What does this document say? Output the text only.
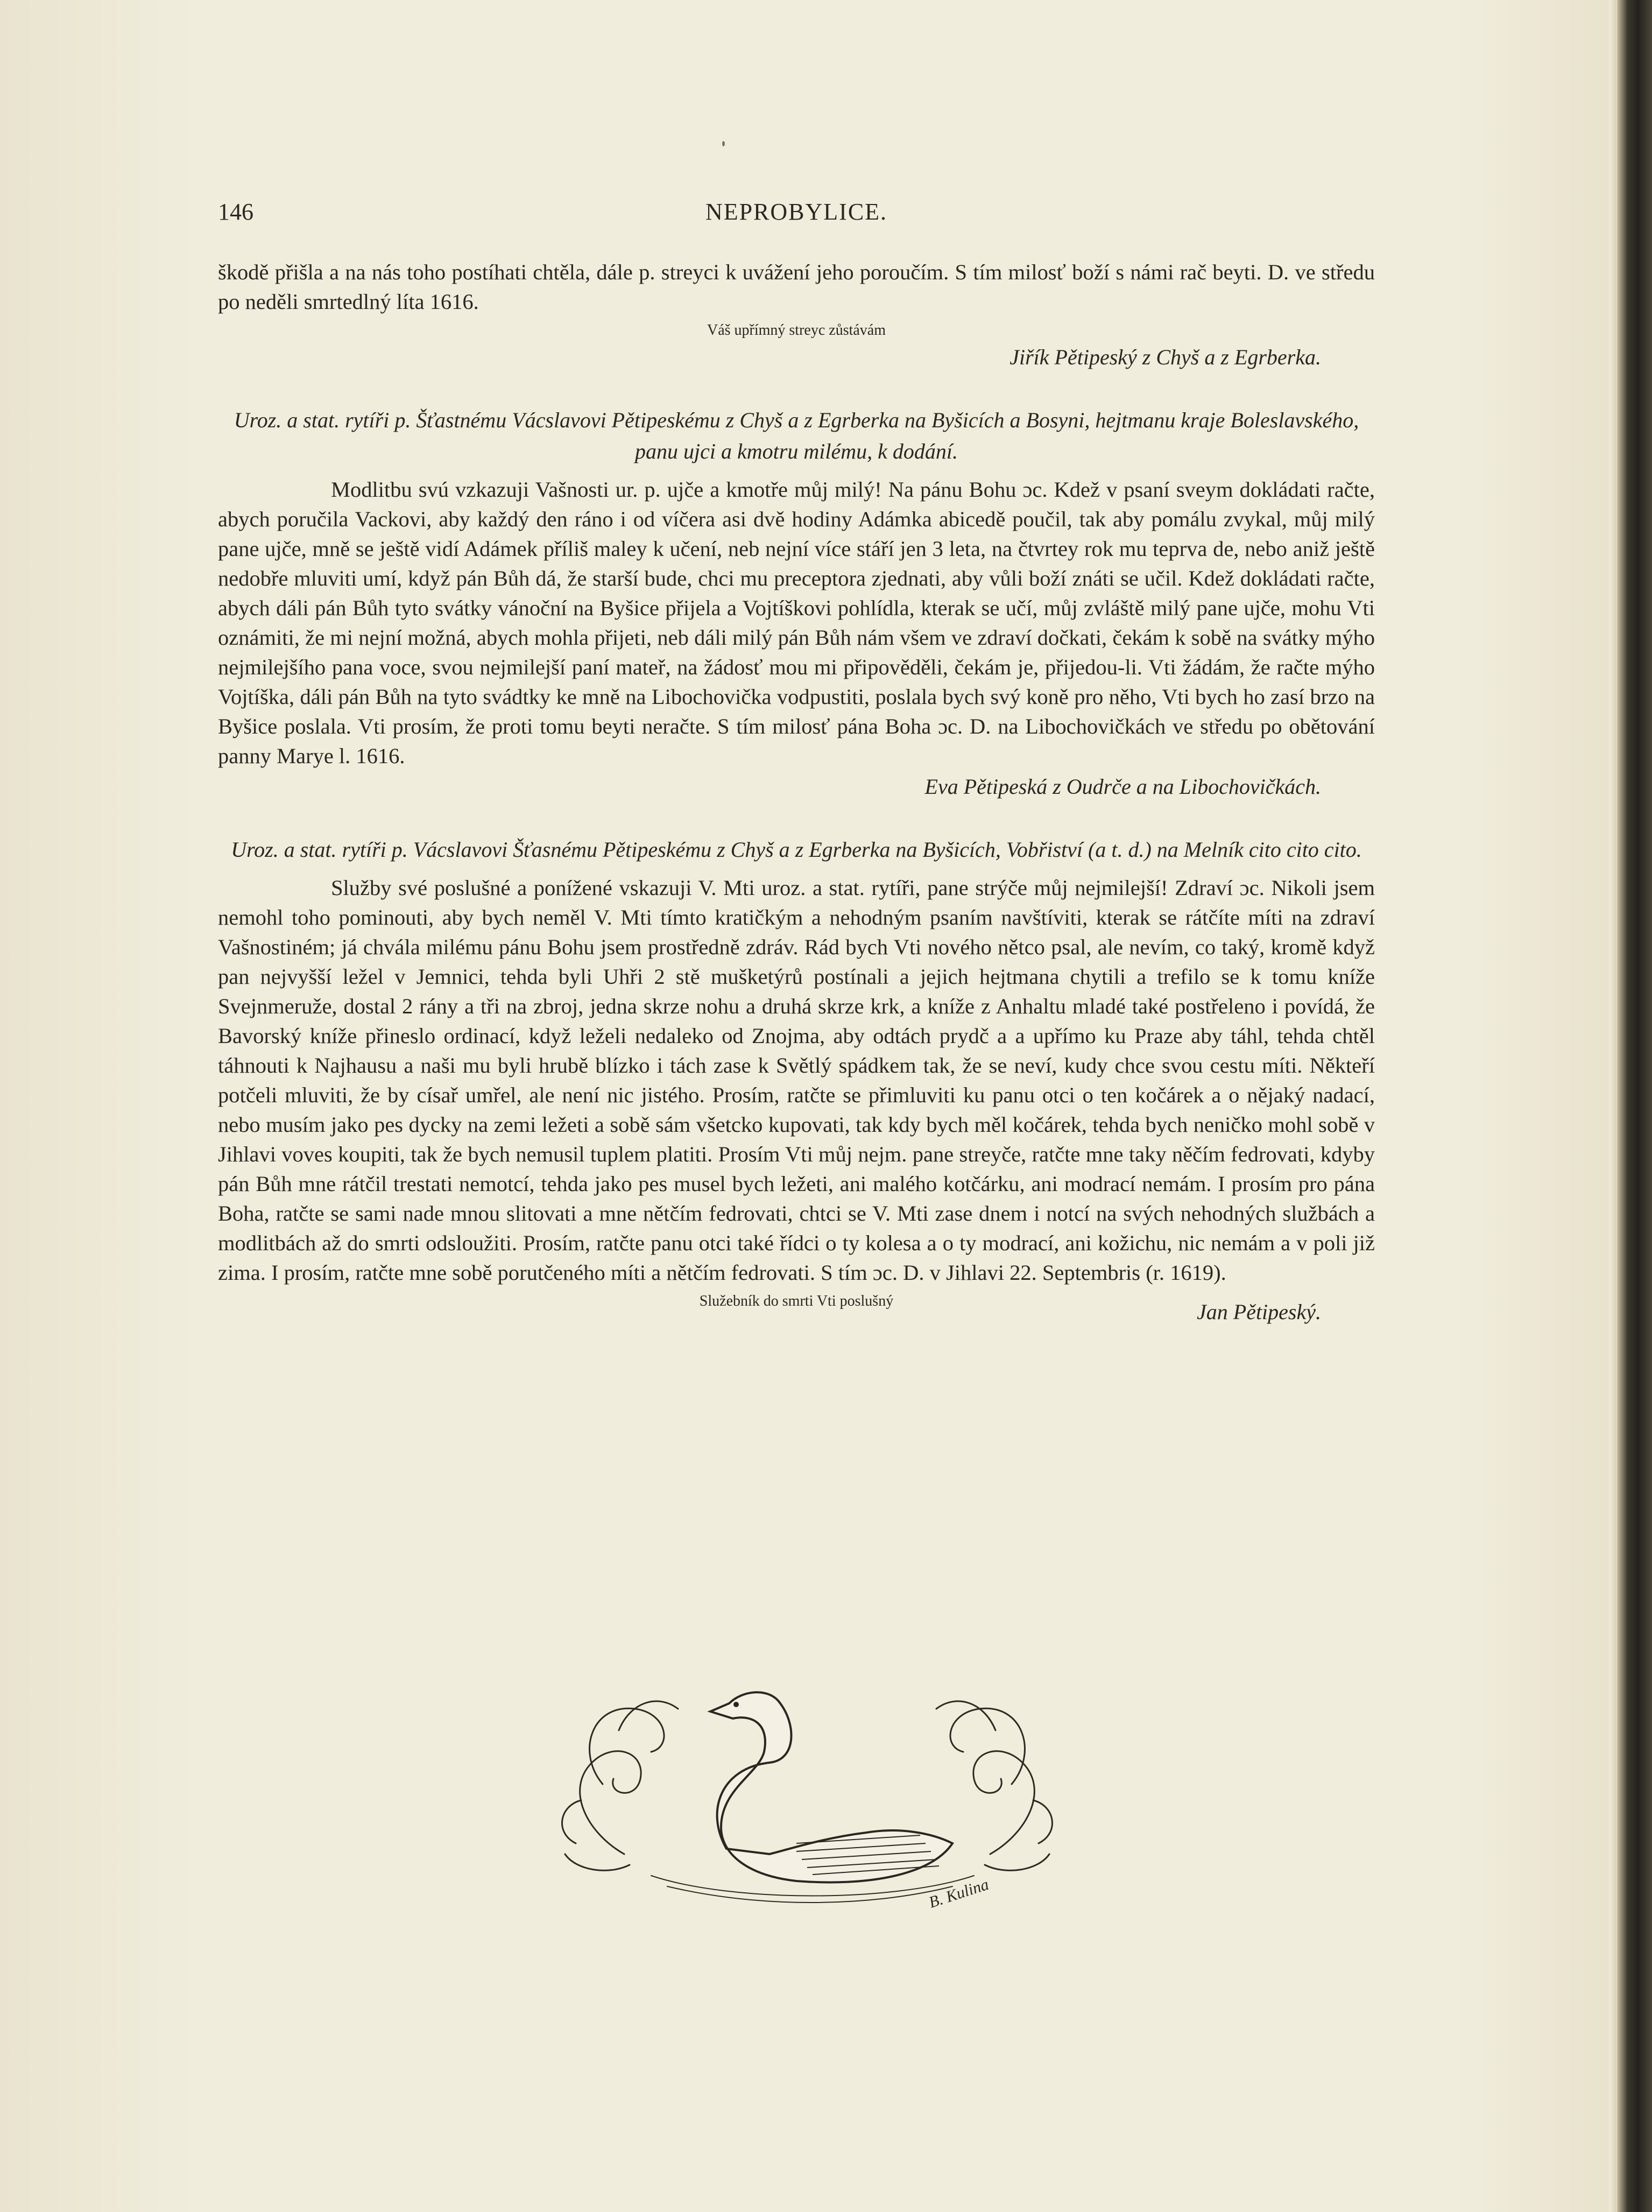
146	NEPROBYLICE.

škodě přišla a na nás toho postíhati chtěla, dále p. streyci k uvážení jeho poroučím. S tím milosť boží s námi rač beyti. D. ve středu po neděli smrtedlný líta 1616.

Váš upřímný streyc zůstávám

Jiřík Pětipeský z Chyš a z Egrberka.

Uroz. a stat. rytíři p. Šťastnému Vácslavovi Pětipeskému z Chyš a z Egrberka na Byšicích a Bosyni, hejtmanu kraje Boleslavského, panu ujci a kmotru milému, k dodání.

Modlitbu svú vzkazuji Vašnosti ur. p. ujče a kmotře můj milý! Na pánu Bohu ɔc. Kdež v psaní sveym dokládati račte, abych poručila Vackovi, aby každý den ráno i od víčera asi dvě hodiny Adámka abicedě poučil, tak aby pomálu zvykal, můj milý pane ujče, mně se ještě vidí Adámek příliš maley k učení, neb nejní více stáří jen 3 leta, na čtvrtey rok mu teprva de, nebo aniž ještě nedobře mluviti umí, když pán Bůh dá, že starší bude, chci mu preceptora zjednati, aby vůli boží znáti se učil. Kdež dokládati račte, abych dáli pán Bůh tyto svátky vánoční na Byšice přijela a Vojtíškovi pohlídla, kterak se učí, můj zvláště milý pane ujče, mohu Vti oznámiti, že mi nejní možná, abych mohla přijeti, neb dáli milý pán Bůh nám všem ve zdraví dočkati, čekám k sobě na svátky mýho nejmilejšího pana voce, svou nejmilejší paní mateř, na žádosť mou mi připověděli, čekám je, přijedou-li. Vti žádám, že račte mýho Vojtíška, dáli pán Bůh na tyto svádtky ke mně na Libochovička vodpustiti, poslala bych svý koně pro něho, Vti bych ho zasí brzo na Byšice poslala. Vti prosím, že proti tomu beyti neračte. S tím milosť pána Boha ɔc. D. na Libochovičkách ve středu po obětování panny Marye l. 1616.

Eva Pětipeská z Oudrče a na Libochovičkách.

Uroz. a stat. rytíři p. Vácslavovi Šťasnému Pětipeskému z Chyš a z Egrberka na Byšicích, Vobřiství (a t. d.) na Melník cito cito cito.

Služby své poslušné a ponížené vskazuji V. Mti uroz. a stat. rytíři, pane strýče můj nejmilejší! Zdraví ɔc. Nikoli jsem nemohl toho pominouti, aby bych neměl V. Mti tímto kratičkým a nehodným psaním navštíviti, kterak se rátčíte míti na zdraví Vašnostiném; já chvála milému pánu Bohu jsem prostředně zdráv. Rád bych Vti nového nětco psal, ale nevím, co taký, kromě když pan nejvyšší ležel v Jemnici, tehda byli Uhři 2 stě mušketýrů postínali a jejich hejtmana chytili a trefilo se k tomu kníže Svejnmeruže, dostal 2 rány a tři na zbroj, jedna skrze nohu a druhá skrze krk, a kníže z Anhaltu mladé také postřeleno i povídá, že Bavorský kníže přineslo ordinací, když leželi nedaleko od Znojma, aby odtách prydč a a upřímo ku Praze aby táhl, tehda chtěl táhnouti k Najhausu a naši mu byli hrubě blízko i tách zase k Světlý spádkem tak, že se neví, kudy chce svou cestu míti. Někteří potčeli mluviti, že by císař umřel, ale není nic jistého. Prosím, ratčte se přimluviti ku panu otci o ten kočárek a o nějaký nadací, nebo musím jako pes dycky na zemi ležeti a sobě sám všetcko kupovati, tak kdy bych měl kočárek, tehda bych neničko mohl sobě v Jihlavi voves koupiti, tak že bych nemusil tuplem platiti. Prosím Vti můj nejm. pane streyče, ratčte mne taky něčím fedrovati, kdyby pán Bůh mne rátčil trestati nemotcí, tehda jako pes musel bych ležeti, ani malého kotčárku, ani modrací nemám. I prosím pro pána Boha, ratčte se sami nade mnou slitovati a mne nětčím fedrovati, chtci se V. Mti zase dnem i notcí na svých nehodných službách a modlitbách až do smrti odsloužiti. Prosím, ratčte panu otci také řídci o ty kolesa a o ty modrací, ani kožichu, nic nemám a v poli již zima. I prosím, ratčte mne sobě porutčeného míti a nětčím fedrovati. S tím ɔc. D. v Jihlavi 22. Septembris (r. 1619).

Služebník do smrti Vti poslušný	Jan Pětipeský.
B. Kulina
